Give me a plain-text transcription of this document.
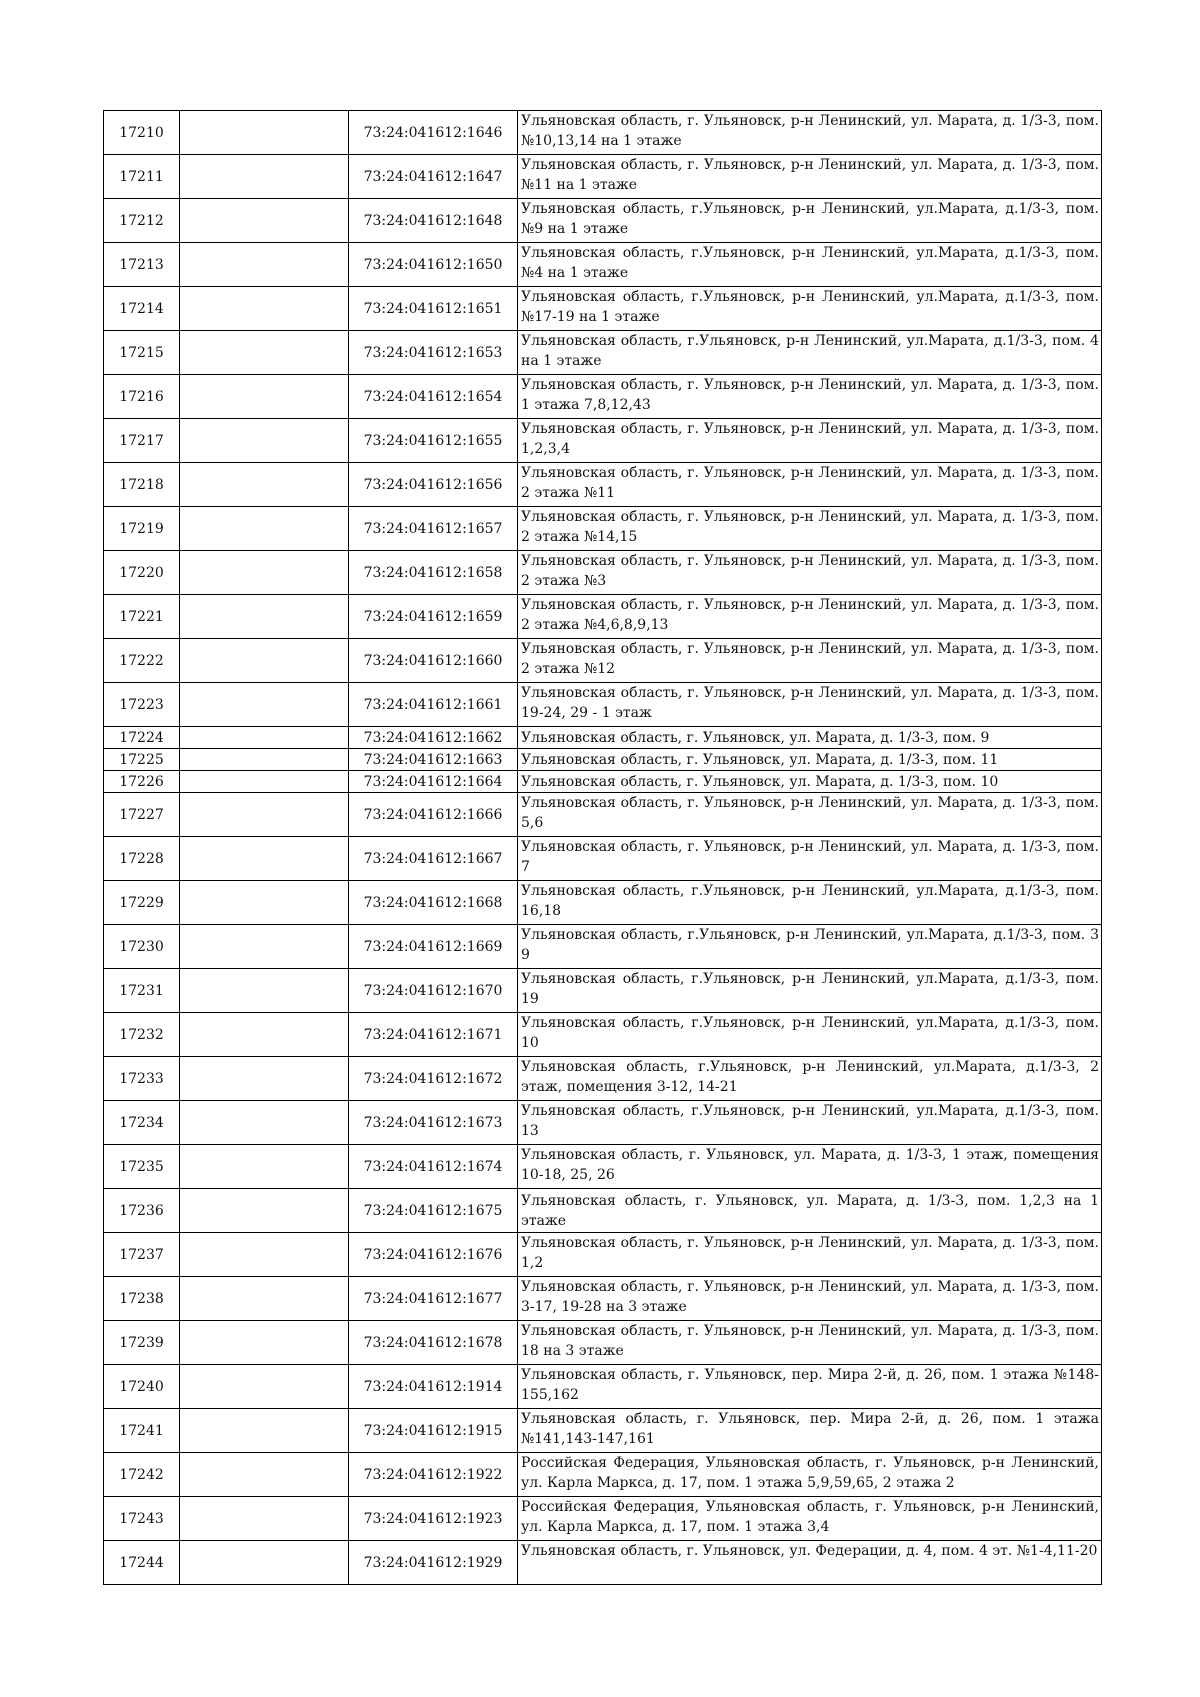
17210		73:24:041612:1646	Ульяновская область, г. Ульяновск, р-н Ленинский, ул. Марата, д. 1/3-3, пом. №10,13,14 на 1 этаже
17211		73:24:041612:1647	Ульяновская область, г. Ульяновск, р-н Ленинский, ул. Марата, д. 1/3-3, пом. №11 на 1 этаже
17212		73:24:041612:1648	Ульяновская область, г.Ульяновск, р-н Ленинский, ул.Марата, д.1/3-3, пом. №9 на 1 этаже
17213		73:24:041612:1650	Ульяновская область, г.Ульяновск, р-н Ленинский, ул.Марата, д.1/3-3, пом. №4 на 1 этаже
17214		73:24:041612:1651	Ульяновская область, г.Ульяновск, р-н Ленинский, ул.Марата, д.1/3-3, пом. №17-19 на 1 этаже
17215		73:24:041612:1653	Ульяновская область, г.Ульяновск, р-н Ленинский, ул.Марата, д.1/3-3, пом. 4 на 1 этаже
17216		73:24:041612:1654	Ульяновская область, г. Ульяновск, р-н Ленинский, ул. Марата, д. 1/3-3, пом. 1 этажа 7,8,12,43
17217		73:24:041612:1655	Ульяновская область, г. Ульяновск, р-н Ленинский, ул. Марата, д. 1/3-3, пом. 1,2,3,4
17218		73:24:041612:1656	Ульяновская область, г. Ульяновск, р-н Ленинский, ул. Марата, д. 1/3-3, пом. 2 этажа №11
17219		73:24:041612:1657	Ульяновская область, г. Ульяновск, р-н Ленинский, ул. Марата, д. 1/3-3, пом. 2 этажа №14,15
17220		73:24:041612:1658	Ульяновская область, г. Ульяновск, р-н Ленинский, ул. Марата, д. 1/3-3, пом. 2 этажа №3
17221		73:24:041612:1659	Ульяновская область, г. Ульяновск, р-н Ленинский, ул. Марата, д. 1/3-3, пом. 2 этажа №4,6,8,9,13
17222		73:24:041612:1660	Ульяновская область, г. Ульяновск, р-н Ленинский, ул. Марата, д. 1/3-3, пом. 2 этажа №12
17223		73:24:041612:1661	Ульяновская область, г. Ульяновск, р-н Ленинский, ул. Марата, д. 1/3-3, пом. 19-24, 29 - 1 этаж
17224		73:24:041612:1662	Ульяновская область, г. Ульяновск, ул. Марата, д. 1/3-3, пом. 9
17225		73:24:041612:1663	Ульяновская область, г. Ульяновск, ул. Марата, д. 1/3-3, пом. 11
17226		73:24:041612:1664	Ульяновская область, г. Ульяновск, ул. Марата, д. 1/3-3, пом. 10
17227		73:24:041612:1666	Ульяновская область, г. Ульяновск, р-н Ленинский, ул. Марата, д. 1/3-3, пом. 5,6
17228		73:24:041612:1667	Ульяновская область, г. Ульяновск, р-н Ленинский, ул. Марата, д. 1/3-3, пом. 7
17229		73:24:041612:1668	Ульяновская область, г.Ульяновск, р-н Ленинский, ул.Марата, д.1/3-3, пом. 16,18
17230		73:24:041612:1669	Ульяновская область, г.Ульяновск, р-н Ленинский, ул.Марата, д.1/3-3, пом. 3 9
17231		73:24:041612:1670	Ульяновская область, г.Ульяновск, р-н Ленинский, ул.Марата, д.1/3-3, пом. 19
17232		73:24:041612:1671	Ульяновская область, г.Ульяновск, р-н Ленинский, ул.Марата, д.1/3-3, пом. 10
17233		73:24:041612:1672	Ульяновская область, г.Ульяновск, р-н Ленинский, ул.Марата, д.1/3-3, 2 этаж, помещения 3-12, 14-21
17234		73:24:041612:1673	Ульяновская область, г.Ульяновск, р-н Ленинский, ул.Марата, д.1/3-3, пом. 13
17235		73:24:041612:1674	Ульяновская область, г. Ульяновск, ул. Марата, д. 1/3-3, 1 этаж, помещения 10-18, 25, 26
17236		73:24:041612:1675	Ульяновская область, г. Ульяновск, ул. Марата, д. 1/3-3, пом. 1,2,3 на 1 этаже
17237		73:24:041612:1676	Ульяновская область, г. Ульяновск, р-н Ленинский, ул. Марата, д. 1/3-3, пом. 1,2
17238		73:24:041612:1677	Ульяновская область, г. Ульяновск, р-н Ленинский, ул. Марата, д. 1/3-3, пом. 3-17, 19-28 на 3 этаже
17239		73:24:041612:1678	Ульяновская область, г. Ульяновск, р-н Ленинский, ул. Марата, д. 1/3-3, пом. 18 на 3 этаже
17240		73:24:041612:1914	Ульяновская область, г. Ульяновск, пер. Мира 2-й, д. 26, пом. 1 этажа №148-155,162
17241		73:24:041612:1915	Ульяновская область, г. Ульяновск, пер. Мира 2-й, д. 26, пом. 1 этажа №141,143-147,161
17242		73:24:041612:1922	Российская Федерация, Ульяновская область, г. Ульяновск, р-н Ленинский, ул. Карла Маркса, д. 17, пом. 1 этажа 5,9,59,65, 2 этажа 2
17243		73:24:041612:1923	Российская Федерация, Ульяновская область, г. Ульяновск, р-н Ленинский, ул. Карла Маркса, д. 17, пом. 1 этажа 3,4
17244		73:24:041612:1929	Ульяновская область, г. Ульяновск, ул. Федерации, д. 4, пом. 4 эт. №1-4,11-20
